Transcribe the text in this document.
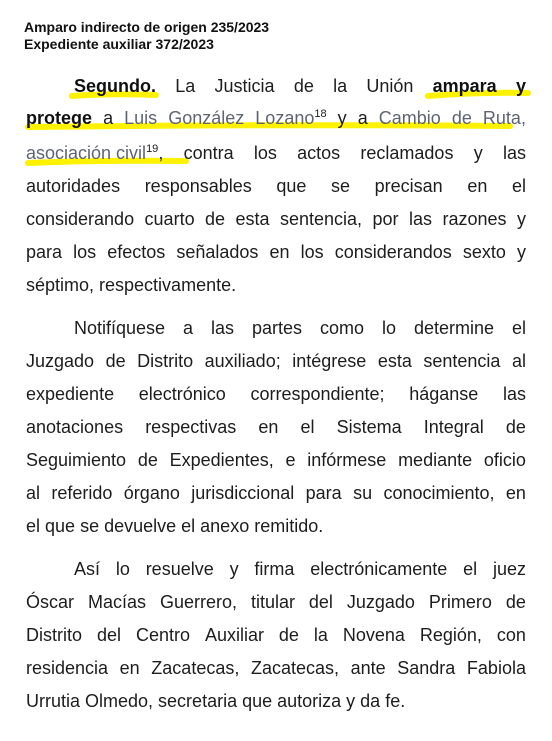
Amparo indirecto de origen 235/2023
Expediente auxiliar 372/2023
Segundo. La Justicia de la Unión ampara y
protege a Luis González Lozano$^{18}$ y a Cambio de Ruta,
asociación civil$^{19}$, contra los actos reclamados y las
autoridades responsables que se precisan en el
considerando cuarto de esta sentencia, por las razones y
para los efectos señalados en los considerandos sexto y
séptimo, respectivamente.
Notifíquese a las partes como lo determine el
Juzgado de Distrito auxiliado; intégrese esta sentencia al
expediente electrónico correspondiente; háganse las
anotaciones respectivas en el Sistema Integral de
Seguimiento de Expedientes, e infórmese mediante oficio
al referido órgano jurisdiccional para su conocimiento, en
el que se devuelve el anexo remitido.
Así lo resuelve y firma electrónicamente el juez
Óscar Macías Guerrero, titular del Juzgado Primero de
Distrito del Centro Auxiliar de la Novena Región, con
residencia en Zacatecas, Zacatecas, ante Sandra Fabiola
Urrutia Olmedo, secretaria que autoriza y da fe.
